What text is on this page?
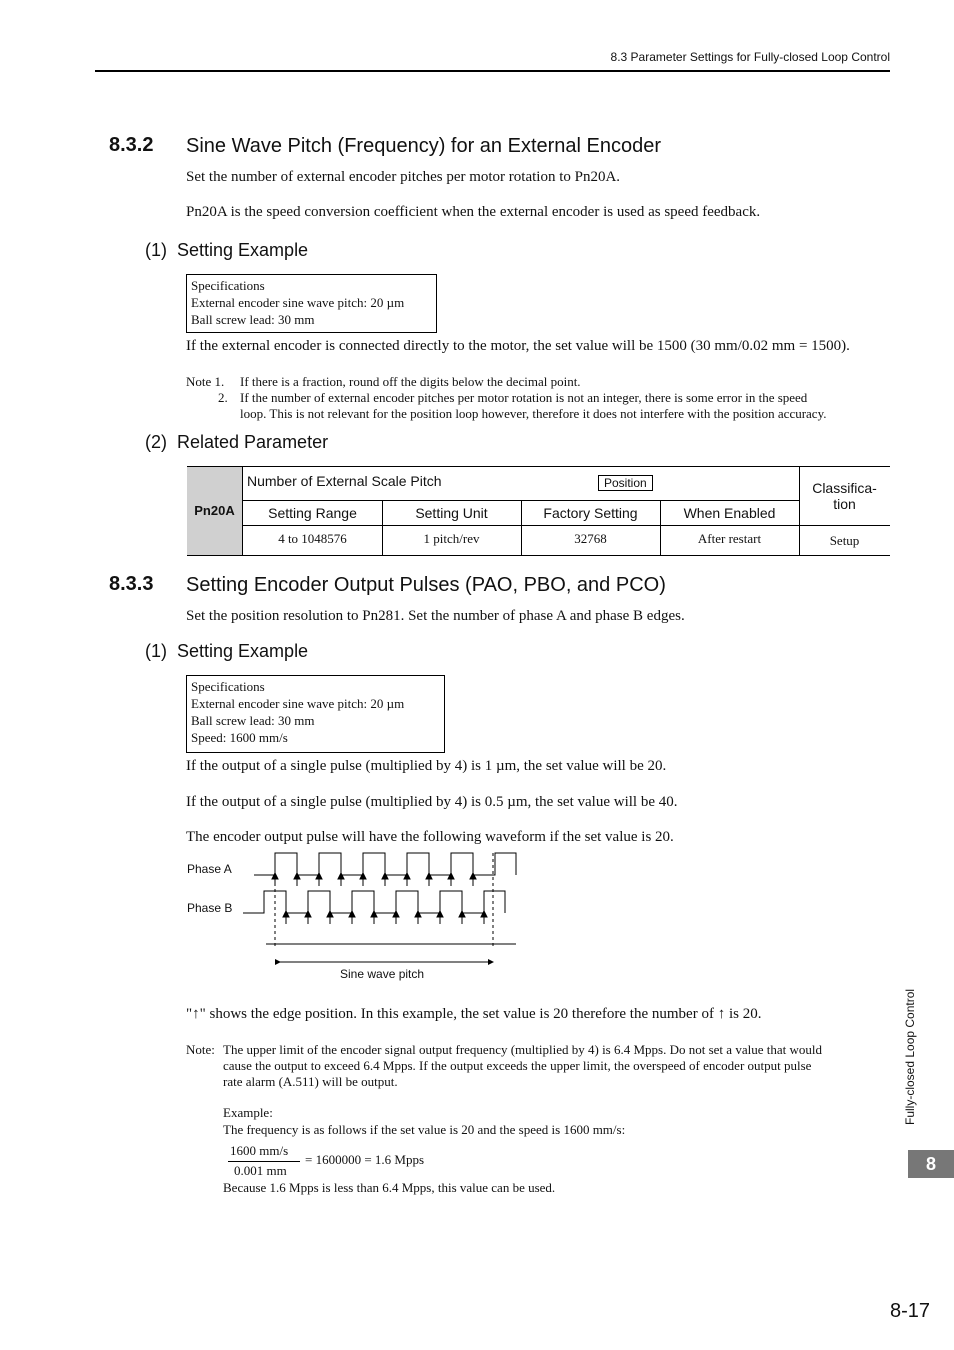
8.3 Parameter Settings for Fully-closed Loop Control
8.3.2 Sine Wave Pitch (Frequency) for an External Encoder
Set the number of external encoder pitches per motor rotation to Pn20A.
Pn20A is the speed conversion coefficient when the external encoder is used as speed feedback.
(1)  Setting Example
Specifications
External encoder sine wave pitch: 20 µm
Ball screw lead: 30 mm
If the external encoder is connected directly to the motor, the set value will be 1500 (30 mm/0.02 mm = 1500).
Note 1. If there is a fraction, round off the digits below the decimal point.
2. If the number of external encoder pitches per motor rotation is not an integer, there is some error in the speed
loop. This is not relevant for the position loop however, therefore it does not interfere with the position accuracy.
(2)  Related Parameter
Pn20A
Number of External Scale Pitch	Position	Classifica-
tion
Setting Range	Setting Unit	Factory Setting	When Enabled
4 to 1048576	1 pitch/rev	32768	After restart	Setup
8.3.3 Setting Encoder Output Pulses (PAO, PBO, and PCO)
Set the position resolution to Pn281. Set the number of phase A and phase B edges.
(1)  Setting Example
Specifications
External encoder sine wave pitch: 20 µm
Ball screw lead: 30 mm
Speed: 1600 mm/s
If the output of a single pulse (multiplied by 4) is 1 µm, the set value will be 20.
If the output of a single pulse (multiplied by 4) is 0.5 µm, the set value will be 40.
The encoder output pulse will have the following waveform if the set value is 20.
Phase A
Phase B
Sine wave pitch
"↑" shows the edge position. In this example, the set value is 20 therefore the number of ↑ is 20.
Note: The upper limit of the encoder signal output frequency (multiplied by 4) is 6.4 Mpps. Do not set a value that would
cause the output to exceed 6.4 Mpps. If the output exceeds the upper limit, the overspeed of encoder output pulse
rate alarm (A.511) will be output.
Example:
The frequency is as follows if the set value is 20 and the speed is 1600 mm/s:
1600 mm/s
0.001 mm
= 1600000 = 1.6 Mpps
Because 1.6 Mpps is less than 6.4 Mpps, this value can be used.
Fully-closed Loop Control
8
8-17
